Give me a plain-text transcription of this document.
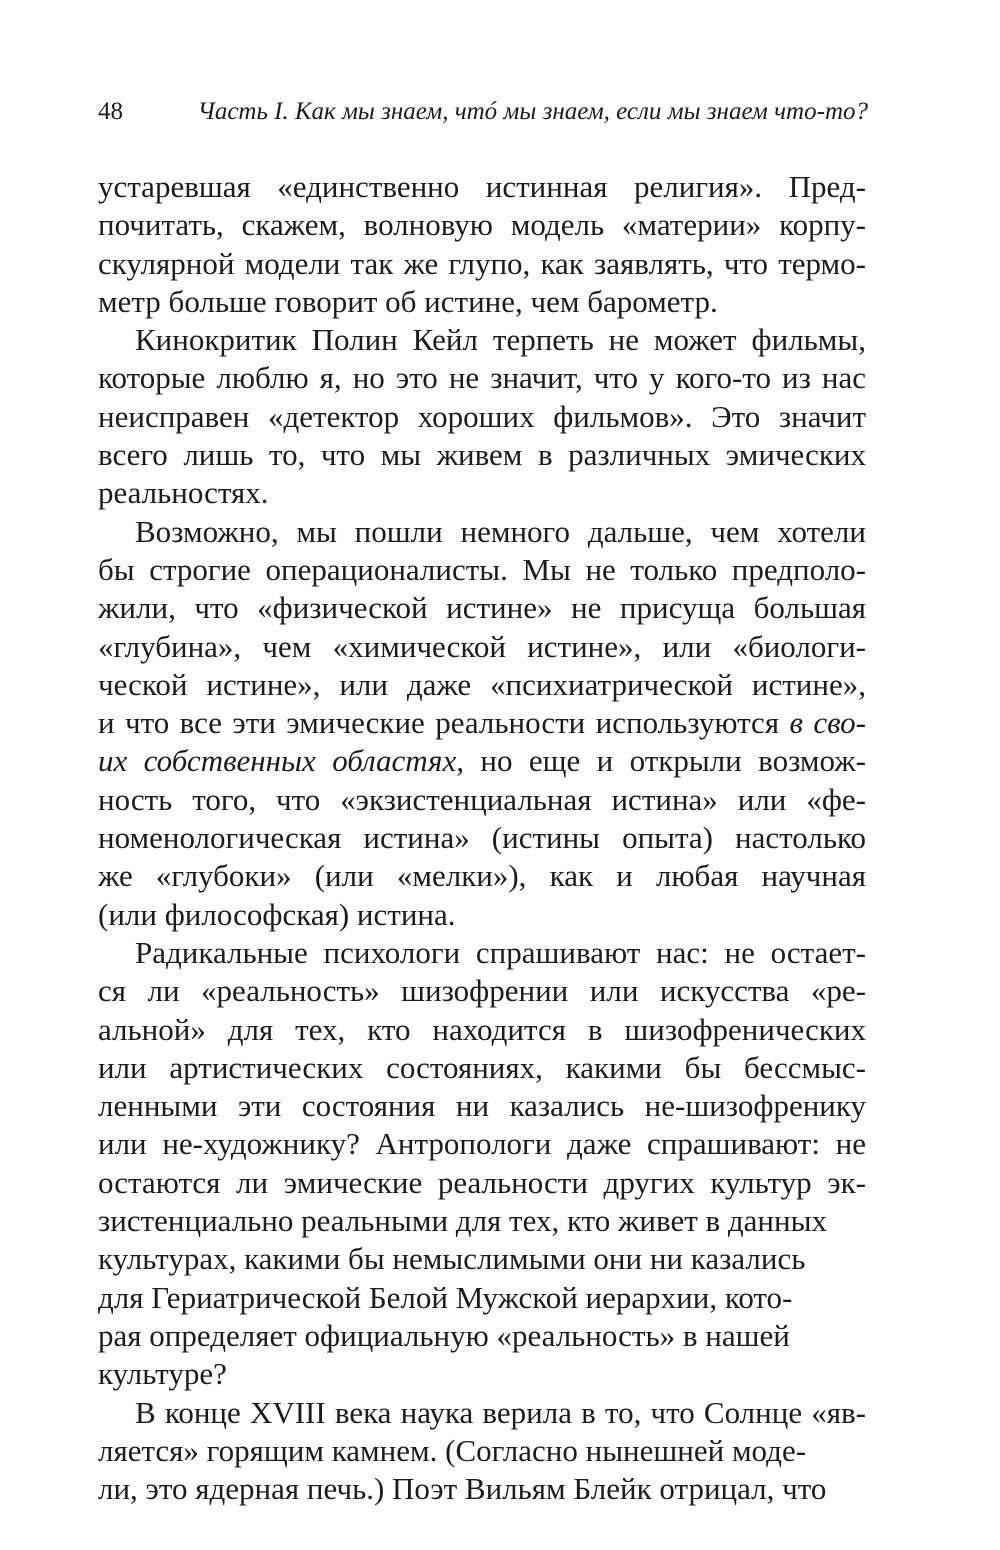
48	Часть I. Как мы знаем, чтó мы знаем, если мы знаем что-то?
устаревшая «единственно истинная религия». Пред-
почитать, скажем, волновую модель «материи» корпу-
скулярной модели так же глупо, как заявлять, что термо-
метр больше говорит об истине, чем барометр.
Кинокритик Полин Кейл терпеть не может фильмы,
которые люблю я, но это не значит, что у кого-то из нас
неисправен «детектор хороших фильмов». Это значит
всего лишь то, что мы живем в различных эмических
реальностях.
Возможно, мы пошли немного дальше, чем хотели
бы строгие операционалисты. Мы не только предполо-
жили, что «физической истине» не присуща большая
«глубина», чем «химической истине», или «биологи-
ческой истине», или даже «психиатрической истине»,
и что все эти эмические реальности используются в сво-
их собственных областях, но еще и открыли возмож-
ность того, что «экзистенциальная истина» или «фе-
номенологическая истина» (истины опыта) настолько
же «глубоки» (или «мелки»), как и любая научная
(или философская) истина.
Радикальные психологи спрашивают нас: не остает-
ся ли «реальность» шизофрении или искусства «ре-
альной» для тех, кто находится в шизофренических
или артистических состояниях, какими бы бессмыс-
ленными эти состояния ни казались не-шизофренику
или не-художнику? Антропологи даже спрашивают: не
остаются ли эмические реальности других культур эк-
зистенциально реальными для тех, кто живет в данных
культурах, какими бы немыслимыми они ни казались
для Гериатрической Белой Мужской иерархии, кото-
рая определяет официальную «реальность» в нашей
культуре?
В конце XVIII века наука верила в то, что Солнце «яв-
ляется» горящим камнем. (Согласно нынешней моде-
ли, это ядерная печь.) Поэт Вильям Блейк отрицал, что
